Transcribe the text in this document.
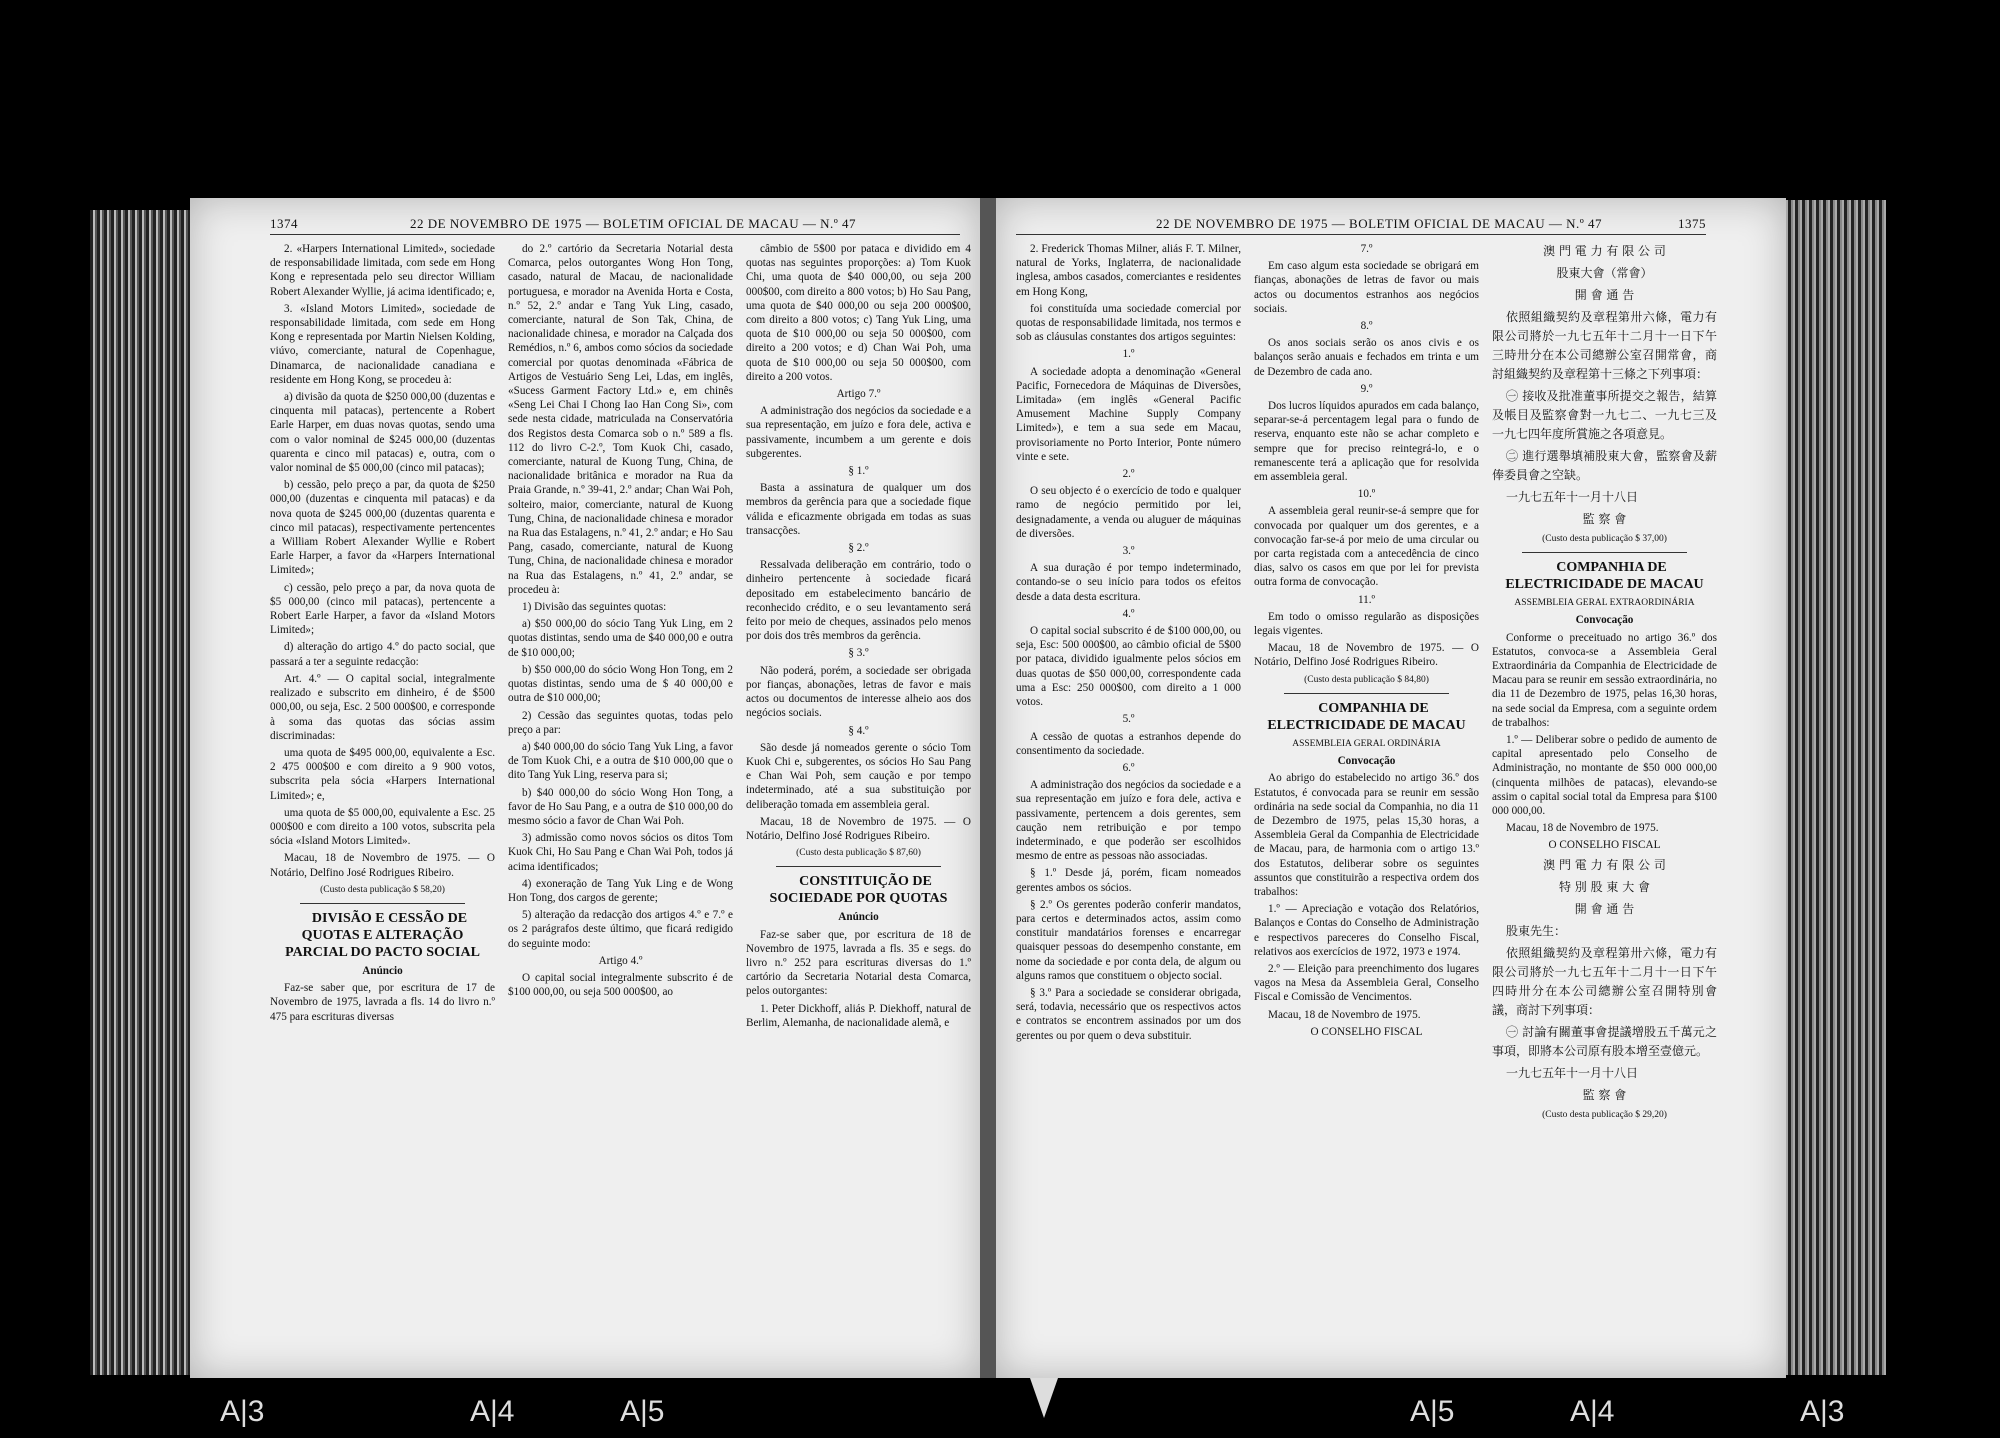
1374	22 DE NOVEMBRO DE 1975 — BOLETIM OFICIAL DE MACAU — N.º 47

2. «Harpers International Limited», sociedade de responsabilidade limitada, com sede em Hong Kong e representada pelo seu director William Robert Alexander Wyllie, já acima identificado; e,

3. «Island Motors Limited», sociedade de responsabilidade limitada, com sede em Hong Kong e representada por Martin Nielsen Kolding, viúvo, comerciante, natural de Copenhague, Dinamarca, de nacionalidade canadiana e residente em Hong Kong, se procedeu à:

a) divisão da quota de $250 000,00 (duzentas e cinquenta mil patacas), pertencente a Robert Earle Harper, em duas novas quotas, sendo uma com o valor nominal de $245 000,00 (duzentas quarenta e cinco mil patacas) e, outra, com o valor nominal de $5 000,00 (cinco mil patacas);

b) cessão, pelo preço a par, da quota de $250 000,00 (duzentas e cinquenta mil patacas) e da nova quota de $245 000,00 (duzentas quarenta e cinco mil patacas), respectivamente pertencentes a William Robert Alexander Wyllie e Robert Earle Harper, a favor da «Harpers International Limited»;

c) cessão, pelo preço a par, da nova quota de $5 000,00 (cinco mil patacas), pertencente a Robert Earle Harper, a favor da «Island Motors Limited»;

d) alteração do artigo 4.º do pacto social, que passará a ter a seguinte redacção:

Art. 4.º — O capital social, integralmente realizado e subscrito em dinheiro, é de $500 000,00, ou seja, Esc. 2 500 000$00, e corresponde à soma das quotas das sócias assim discriminadas:

uma quota de $495 000,00, equivalente a Esc. 2 475 000$00 e com direito a 9 900 votos, subscrita pela sócia «Harpers International Limited»; e,

uma quota de $5 000,00, equivalente a Esc. 25 000$00 e com direito a 100 votos, subscrita pela sócia «Island Motors Limited».

Macau, 18 de Novembro de 1975. — O Notário, Delfino José Rodrigues Ribeiro.

(Custo desta publicação $ 58,20)

DIVISÃO E CESSÃO DE QUOTAS E ALTERAÇÃO PARCIAL DO PACTO SOCIAL

Anúncio

Faz-se saber que, por escritura de 17 de Novembro de 1975, lavrada a fls. 14 do livro n.º 475 para escrituras diversas

do 2.º cartório da Secretaria Notarial desta Comarca, pelos outorgantes Wong Hon Tong, casado, natural de Macau, de nacionalidade portuguesa, e morador na Avenida Horta e Costa, n.º 52, 2.º andar e Tang Yuk Ling, casado, comerciante, natural de Son Tak, China, de nacionalidade chinesa, e morador na Calçada dos Remédios, n.º 6, ambos como sócios da sociedade comercial por quotas denominada «Fábrica de Artigos de Vestuário Seng Lei, Ldas, em inglês, «Sucess Garment Factory Ltd.» e, em chinês «Seng Lei Chai I Chong Iao Han Cong Si», com sede nesta cidade, matriculada na Conservatória dos Registos desta Comarca sob o n.º 589 a fls. 112 do livro C-2.º, Tom Kuok Chi, casado, comerciante, natural de Kuong Tung, China, de nacionalidade britânica e morador na Rua da Praia Grande, n.º 39-41, 2.º andar; Chan Wai Poh, solteiro, maior, comerciante, natural de Kuong Tung, China, de nacionalidade chinesa e morador na Rua das Estalagens, n.º 41, 2.º andar; e Ho Sau Pang, casado, comerciante, natural de Kuong Tung, China, de nacionalidade chinesa e morador na Rua das Estalagens, n.º 41, 2.º andar, se procedeu à:

1) Divisão das seguintes quotas:

a) $50 000,00 do sócio Tang Yuk Ling, em 2 quotas distintas, sendo uma de $40 000,00 e outra de $10 000,00;

b) $50 000,00 do sócio Wong Hon Tong, em 2 quotas distintas, sendo uma de $ 40 000,00 e outra de $10 000,00;

2) Cessão das seguintes quotas, todas pelo preço a par:

a) $40 000,00 do sócio Tang Yuk Ling, a favor de Tom Kuok Chi, e a outra de $10 000,00 que o dito Tang Yuk Ling, reserva para si;

b) $40 000,00 do sócio Wong Hon Tong, a favor de Ho Sau Pang, e a outra de $10 000,00 do mesmo sócio a favor de Chan Wai Poh.

3) admissão como novos sócios os ditos Tom Kuok Chi, Ho Sau Pang e Chan Wai Poh, todos já acima identificados;

4) exoneração de Tang Yuk Ling e de Wong Hon Tong, dos cargos de gerente;

5) alteração da redacção dos artigos 4.º e 7.º e os 2 parágrafos deste último, que ficará redigido do seguinte modo:

Artigo 4.º

O capital social integralmente subscrito é de $100 000,00, ou seja 500 000$00, ao

câmbio de 5$00 por pataca e dividido em 4 quotas nas seguintes proporções: a) Tom Kuok Chi, uma quota de $40 000,00, ou seja 200 000$00, com direito a 800 votos; b) Ho Sau Pang, uma quota de $40 000,00 ou seja 200 000$00, com direito a 800 votos; c) Tang Yuk Ling, uma quota de $10 000,00 ou seja 50 000$00, com direito a 200 votos; e d) Chan Wai Poh, uma quota de $10 000,00 ou seja 50 000$00, com direito a 200 votos.

Artigo 7.º

A administração dos negócios da sociedade e a sua representação, em juízo e fora dele, activa e passivamente, incumbem a um gerente e dois subgerentes.

§ 1.º

Basta a assinatura de qualquer um dos membros da gerência para que a sociedade fique válida e eficazmente obrigada em todas as suas transacções.

§ 2.º

Ressalvada deliberação em contrário, todo o dinheiro pertencente à sociedade ficará depositado em estabelecimento bancário de reconhecido crédito, e o seu levantamento será feito por meio de cheques, assinados pelo menos por dois dos três membros da gerência.

§ 3.º

Não poderá, porém, a sociedade ser obrigada por fianças, abonações, letras de favor e mais actos ou documentos de interesse alheio aos dos negócios sociais.

§ 4.º

São desde já nomeados gerente o sócio Tom Kuok Chi e, subgerentes, os sócios Ho Sau Pang e Chan Wai Poh, sem caução e por tempo indeterminado, até a sua substituição por deliberação tomada em assembleia geral.

Macau, 18 de Novembro de 1975. — O Notário, Delfino José Rodrigues Ribeiro.

(Custo desta publicação $ 87,60)

CONSTITUIÇÃO DE SOCIEDADE POR QUOTAS

Anúncio

Faz-se saber que, por escritura de 18 de Novembro de 1975, lavrada a fls. 35 e segs. do livro n.º 252 para escrituras diversas do 1.º cartório da Secretaria Notarial desta Comarca, pelos outorgantes:

1. Peter Dickhoff, aliás P. Diekhoff, natural de Berlim, Alemanha, de nacionalidade alemã, e

22 DE NOVEMBRO DE 1975 — BOLETIM OFICIAL DE MACAU — N.º 47	1375

2. Frederick Thomas Milner, aliás F. T. Milner, natural de Yorks, Inglaterra, de nacionalidade inglesa, ambos casados, comerciantes e residentes em Hong Kong,

foi constituída uma sociedade comercial por quotas de responsabilidade limitada, nos termos e sob as cláusulas constantes dos artigos seguintes:

1.º

A sociedade adopta a denominação «General Pacific, Fornecedora de Máquinas de Diversões, Limitada» (em inglês «General Pacific Amusement Machine Supply Company Limited»), e tem a sua sede em Macau, provisoriamente no Porto Interior, Ponte número vinte e sete.

2.º

O seu objecto é o exercício de todo e qualquer ramo de negócio permitido por lei, designadamente, a venda ou aluguer de máquinas de diversões.

3.º

A sua duração é por tempo indeterminado, contando-se o seu início para todos os efeitos desde a data desta escritura.

4.º

O capital social subscrito é de $100 000,00, ou seja, Esc: 500 000$00, ao câmbio oficial de 5$00 por pataca, dividido igualmente pelos sócios em duas quotas de $50 000,00, correspondente cada uma a Esc: 250 000$00, com direito a 1 000 votos.

5.º

A cessão de quotas a estranhos depende do consentimento da sociedade.

6.º

A administração dos negócios da sociedade e a sua representação em juízo e fora dele, activa e passivamente, pertencem a dois gerentes, sem caução nem retribuição e por tempo indeterminado, e que poderão ser escolhidos mesmo de entre as pessoas não associadas.

§ 1.º Desde já, porém, ficam nomeados gerentes ambos os sócios.

§ 2.º Os gerentes poderão conferir mandatos, para certos e determinados actos, assim como constituir mandatários forenses e encarregar quaisquer pessoas do desempenho constante, em nome da sociedade e por conta dela, de algum ou alguns ramos que constituem o objecto social.

§ 3.º Para a sociedade se considerar obrigada, será, todavia, necessário que os respectivos actos e contratos se encontrem assinados por um dos gerentes ou por quem o deva substituir.

7.º

Em caso algum esta sociedade se obrigará em fianças, abonações de letras de favor ou mais actos ou documentos estranhos aos negócios sociais.

8.º

Os anos sociais serão os anos civis e os balanços serão anuais e fechados em trinta e um de Dezembro de cada ano.

9.º

Dos lucros líquidos apurados em cada balanço, separar-se-á percentagem legal para o fundo de reserva, enquanto este não se achar completo e sempre que for preciso reintegrá-lo, e o remanescente terá a aplicação que for resolvida em assembleia geral.

10.º

A assembleia geral reunir-se-á sempre que for convocada por qualquer um dos gerentes, e a convocação far-se-á por meio de uma circular ou por carta registada com a antecedência de cinco dias, salvo os casos em que por lei for prevista outra forma de convocação.

11.º

Em todo o omisso regularão as disposições legais vigentes.

Macau, 18 de Novembro de 1975. — O Notário, Delfino José Rodrigues Ribeiro.

(Custo desta publicação $ 84,80)

COMPANHIA DE ELECTRICIDADE DE MACAU

ASSEMBLEIA GERAL ORDINÁRIA

Convocação

Ao abrigo do estabelecido no artigo 36.º dos Estatutos, é convocada para se reunir em sessão ordinária na sede social da Companhia, no dia 11 de Dezembro de 1975, pelas 15,30 horas, a Assembleia Geral da Companhia de Electricidade de Macau, para, de harmonia com o artigo 13.º dos Estatutos, deliberar sobre os seguintes assuntos que constituirão a respectiva ordem dos trabalhos:

1.º — Apreciação e votação dos Relatórios, Balanços e Contas do Conselho de Administração e respectivos pareceres do Conselho Fiscal, relativos aos exercícios de 1972, 1973 e 1974.

2.º — Eleição para preenchimento dos lugares vagos na Mesa da Assembleia Geral, Conselho Fiscal e Comissão de Vencimentos.

Macau, 18 de Novembro de 1975.

O CONSELHO FISCAL

澳 門 電 力 有 限 公 司

股東大會（常會）

開 會 通 告

依照組織契約及章程第卅六條，電力有限公司將於一九七五年十二月十一日下午三時卅分在本公司總辦公室召開常會，商討組織契約及章程第十三條之下列事項：

㊀ 接收及批准董事所提交之報告，結算及帳目及監察會對一九七二、一九七三及一九七四年度所賞施之各項意見。

㊁ 進行選舉填補股東大會，監察會及薪俸委員會之空缺。

一九七五年十一月十八日

監 察 會

(Custo desta publicação $ 37,00)

COMPANHIA DE ELECTRICIDADE DE MACAU

ASSEMBLEIA GERAL EXTRAORDINÁRIA

Convocação

Conforme o preceituado no artigo 36.º dos Estatutos, convoca-se a Assembleia Geral Extraordinária da Companhia de Electricidade de Macau para se reunir em sessão extraordinária, no dia 11 de Dezembro de 1975, pelas 16,30 horas, na sede social da Empresa, com a seguinte ordem de trabalhos:

1.º — Deliberar sobre o pedido de aumento de capital apresentado pelo Conselho de Administração, no montante de $50 000 000,00 (cinquenta milhões de patacas), elevando-se assim o capital social total da Empresa para $100 000 000,00.

Macau, 18 de Novembro de 1975.

O CONSELHO FISCAL

澳 門 電 力 有 限 公 司

特 別 股 東 大 會

開 會 通 告

股東先生：

依照組織契約及章程第卅六條，電力有限公司將於一九七五年十二月十一日下午四時卅分在本公司總辦公室召開特別會議，商討下列事項：

㊀ 討論有關董事會提議增股五千萬元之事項，即將本公司原有股本增至壹億元。

一九七五年十一月十八日

監 察 會

(Custo desta publicação $ 29,20)

A|3	A|4	A|5	A|5	A|4	A|3
